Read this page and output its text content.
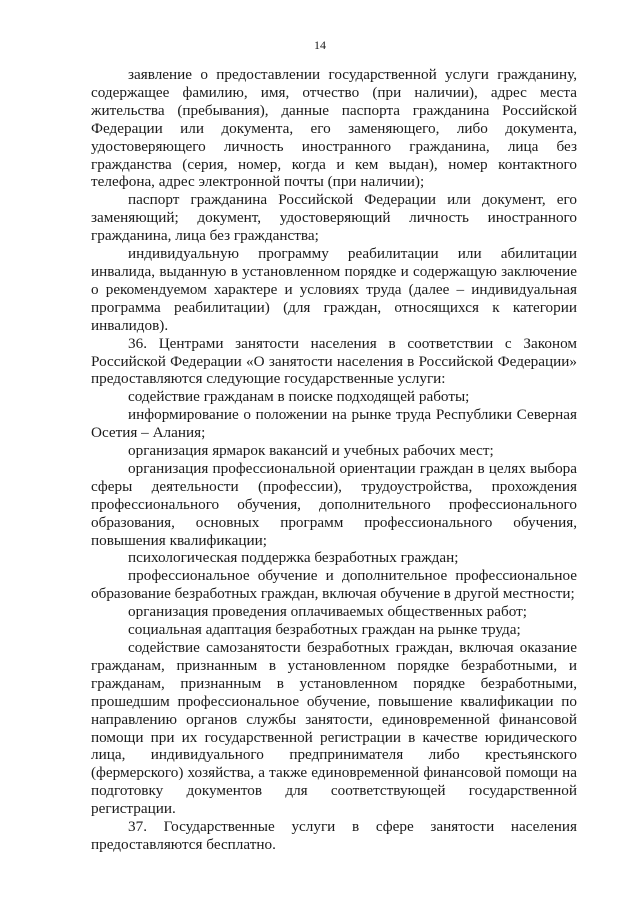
14

заявление о предоставлении государственной услуги гражданину, содержащее фамилию, имя, отчество (при наличии), адрес места жительства (пребывания), данные паспорта гражданина Российской Федерации или документа, его заменяющего, либо документа, удостоверяющего личность иностранного гражданина, лица без гражданства (серия, номер, когда и кем выдан), номер контактного телефона, адрес электронной почты (при наличии);

паспорт гражданина Российской Федерации или документ, его заменяющий; документ, удостоверяющий личность иностранного гражданина, лица без гражданства;

индивидуальную программу реабилитации или абилитации инвалида, выданную в установленном порядке и содержащую заключение о рекомендуемом характере и условиях труда (далее – индивидуальная программа реабилитации) (для граждан, относящихся к категории инвалидов).

36. Центрами занятости населения в соответствии с Законом Российской Федерации «О занятости населения в Российской Федерации» предоставляются следующие государственные услуги:

содействие гражданам в поиске подходящей работы;

информирование о положении на рынке труда Республики Северная Осетия – Алания;

организация ярмарок вакансий и учебных рабочих мест;

организация профессиональной ориентации граждан в целях выбора сферы деятельности (профессии), трудоустройства, прохождения профессионального обучения, дополнительного профессионального образования, основных программ профессионального обучения, повышения квалификации;

психологическая поддержка безработных граждан;

профессиональное обучение и дополнительное профессиональное образование безработных граждан, включая обучение в другой местности;

организация проведения оплачиваемых общественных работ;

социальная адаптация безработных граждан на рынке труда;

содействие самозанятости безработных граждан, включая оказание гражданам, признанным в установленном порядке безработными, и гражданам, признанным в установленном порядке безработными, прошедшим профессиональное обучение, повышение квалификации по направлению органов службы занятости, единовременной финансовой помощи при их государственной регистрации в качестве юридического лица, индивидуального предпринимателя либо крестьянского (фермерского) хозяйства, а также единовременной финансовой помощи на подготовку документов для соответствующей государственной регистрации.

37. Государственные услуги в сфере занятости населения предоставляются бесплатно.
